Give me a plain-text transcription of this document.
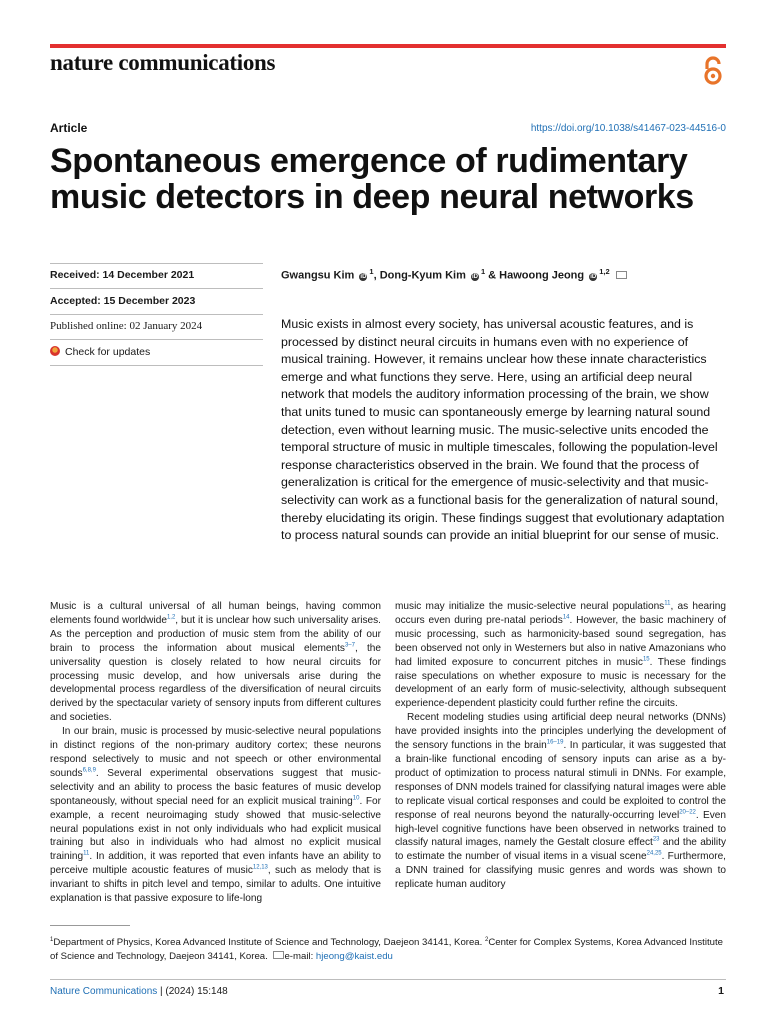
nature communications
Article	https://doi.org/10.1038/s41467-023-44516-0
Spontaneous emergence of rudimentary
music detectors in deep neural networks
Received: 14 December 2021
Accepted: 15 December 2023
Published online: 02 January 2024
Check for updates
Gwangsu Kim $iD^1$, Dong-Kyum Kim $iD^1$ & Hawoong Jeong iD$^{1,2}$

Music exists in almost every society, has universal acoustic features, and is processed by distinct neural circuits in humans even with no experience of musical training. However, it remains unclear how these innate characteristics emerge and what functions they serve. Here, using an artificial deep neural network that models the auditory information processing of the brain, we show that units tuned to music can spontaneously emerge by learning natural sound detection, even without learning music. The music-selective units encoded the temporal structure of music in multiple timescales, following the population-level response characteristics observed in the brain. We found that the process of generalization is critical for the emergence of music-selectivity and that music-selectivity can work as a functional basis for the generalization of natural sound, thereby elucidating its origin. These findings suggest that evolutionary adaptation to process natural sounds can provide an initial blueprint for our sense of music.

Music is a cultural universal of all human beings, having common elements found worldwide$^{1,2}$, but it is unclear how such universality arises. As the perception and production of music stem from the ability of our brain to process the information about musical elements$^{3-7}$, the universality question is closely related to how neural circuits for processing music develop, and how universals arise during the developmental process regardless of the diversification of neural circuits derived by the spectacular variety of sensory inputs from different cultures and societies.

In our brain, music is processed by music-selective neural populations in distinct regions of the non-primary auditory cortex; these neurons respond selectively to music and not speech or other environmental sounds$^{6,8,9}$. Several experimental observations suggest that music-selectivity and an ability to process the basic features of music develop spontaneously, without special need for an explicit musical training$^{10}$. For example, a recent neuroimaging study showed that music-selective neural populations exist in not only individuals who had explicit musical training but also in individuals who had almost no explicit musical training$^{11}$. In addition, it was reported that even infants have an ability to perceive multiple acoustic features of music$^{12,13}$, such as melody that is invariant to shifts in pitch level and tempo, similar to adults. One intuitive explanation is that passive exposure to life-long

music may initialize the music-selective neural populations$^{11}$, as hearing occurs even during pre-natal periods$^{14}$. However, the basic machinery of music processing, such as harmonicity-based sound segregation, has been observed not only in Westerners but also in native Amazonians who had limited exposure to concurrent pitches in music$^{15}$. These findings raise speculations on whether exposure to music is necessary for the development of an early form of music-selectivity, although subsequent experience-dependent plasticity could further refine the circuits.

Recent modeling studies using artificial deep neural networks (DNNs) have provided insights into the principles underlying the development of the sensory functions in the brain$^{16-19}$. In particular, it was suggested that a brain-like functional encoding of sensory inputs can arise as a by-product of optimization to process natural stimuli in DNNs. For example, responses of DNN models trained for classifying natural images were able to replicate visual cortical responses and could be exploited to control the response of real neurons beyond the naturally-occurring level$^{20-22}$. Even high-level cognitive functions have been observed in networks trained to classify natural images, namely the Gestalt closure effect$^{23}$ and the ability to estimate the number of visual items in a visual scene$^{24,25}$. Furthermore, a DNN trained for classifying music genres and words was shown to replicate human auditory

$^1$Department of Physics, Korea Advanced Institute of Science and Technology, Daejeon 34141, Korea. $^2$Center for Complex Systems, Korea Advanced Institute of Science and Technology, Daejeon 34141, Korea. e-mail: hjeong@kaist.edu

Nature Communications | (2024) 15:148	1
